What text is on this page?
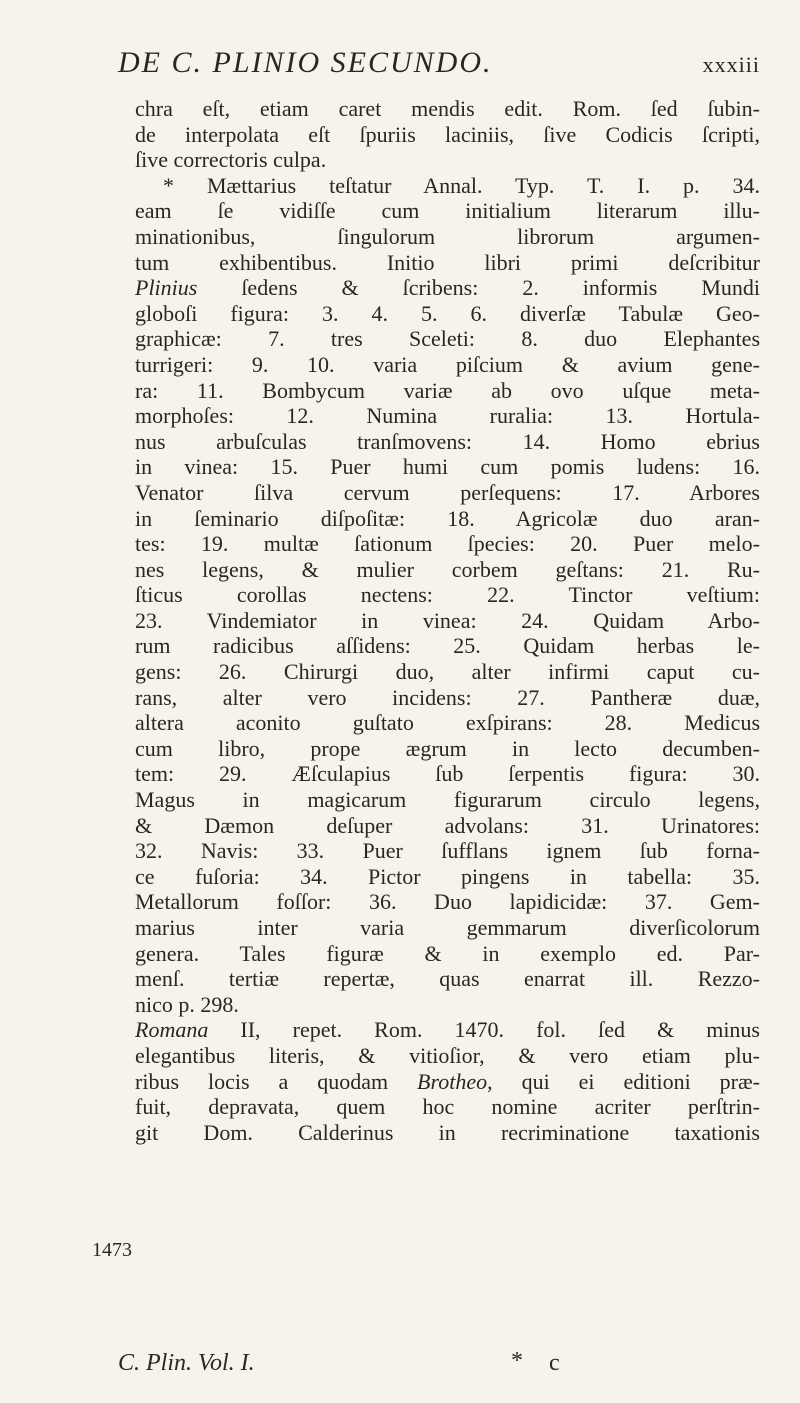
DE C. PLINIO SECUNDO.	xxxiii
chra eſt, etiam caret mendis edit. Rom. ſed ſubin-
de interpolata eſt ſpuriis laciniis, ſive Codicis ſcripti,
ſive correctoris culpa.
* Mættarius teſtatur Annal. Typ. T. I. p. 34.
eam ſe vidiſſe cum initialium literarum illu-
minationibus, ſingulorum librorum argumen-
tum exhibentibus. Initio libri primi deſcribitur
Plinius ſedens & ſcribens: 2. informis Mundi
globoſi figura: 3. 4. 5. 6. diverſæ Tabulæ Geo-
graphicæ: 7. tres Sceleti: 8. duo Elephantes
turrigeri: 9. 10. varia piſcium & avium gene-
ra: 11. Bombycum variæ ab ovo uſque meta-
morphoſes: 12. Numina ruralia: 13. Hortula-
nus arbuſculas tranſmovens: 14. Homo ebrius
in vinea: 15. Puer humi cum pomis ludens: 16.
Venator ſilva cervum perſequens: 17. Arbores
in ſeminario diſpoſitæ: 18. Agricolæ duo aran-
tes: 19. multæ ſationum ſpecies: 20. Puer melo-
nes legens, & mulier corbem geſtans: 21. Ru-
ſticus corollas nectens: 22. Tinctor veſtium:
23. Vindemiator in vinea: 24. Quidam Arbo-
rum radicibus aſſidens: 25. Quidam herbas le-
gens: 26. Chirurgi duo, alter infirmi caput cu-
rans, alter vero incidens: 27. Pantheræ duæ,
altera aconito guſtato exſpirans: 28. Medicus
cum libro, prope ægrum in lecto decumben-
tem: 29. Æſculapius ſub ſerpentis figura: 30.
Magus in magicarum figurarum circulo legens,
& Dæmon deſuper advolans: 31. Urinatores:
32. Navis: 33. Puer ſufflans ignem ſub forna-
ce fuſoria: 34. Pictor pingens in tabella: 35.
Metallorum foſſor: 36. Duo lapidicidæ: 37. Gem-
marius inter varia gemmarum diverſicolorum
genera. Tales figuræ & in exemplo ed. Par-
menſ. tertiæ repertæ, quas enarrat ill. Rezzo-
nico p. 298.
Romana II, repet. Rom. 1470. fol. ſed & minus
elegantibus literis, & vitioſior, & vero etiam plu-
ribus locis a quodam Brotheo, qui ei editioni præ-
fuit, depravata, quem hoc nomine acriter perſtrin-
git Dom. Calderinus in recriminatione taxationis
1473
C. Plin. Vol. I.	* c
